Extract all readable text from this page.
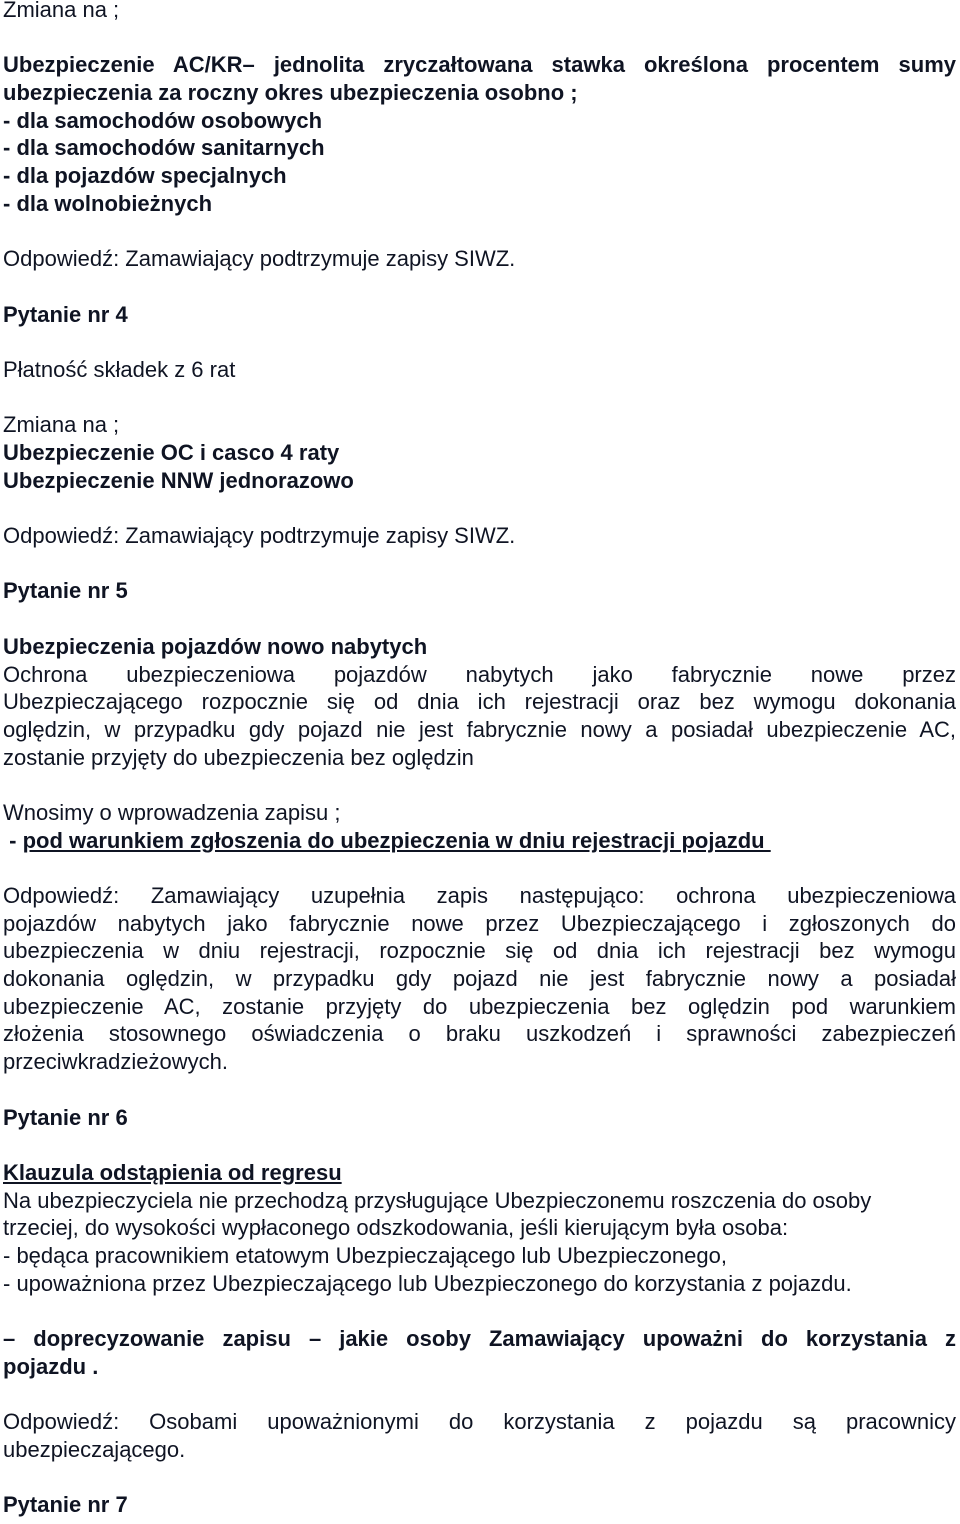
Zmiana na ;
Ubezpieczenie AC/KR– jednolita zryczałtowana stawka określona procentem sumy
ubezpieczenia za roczny okres ubezpieczenia osobno ;
- dla samochodów osobowych
- dla samochodów sanitarnych
- dla pojazdów specjalnych
- dla wolnobieżnych
Odpowiedź: Zamawiający podtrzymuje zapisy SIWZ.
Pytanie nr 4
Płatność składek z 6 rat
Zmiana na ;
Ubezpieczenie OC i casco 4 raty
Ubezpieczenie NNW jednorazowo
Odpowiedź: Zamawiający podtrzymuje zapisy SIWZ.
Pytanie nr 5
Ubezpieczenia pojazdów nowo nabytych
Ochrona ubezpieczeniowa pojazdów nabytych jako fabrycznie nowe przez
Ubezpieczającego rozpocznie się od dnia ich rejestracji oraz bez wymogu dokonania
oględzin, w przypadku gdy pojazd nie jest fabrycznie nowy a posiadał ubezpieczenie AC,
zostanie przyjęty do ubezpieczenia bez oględzin
Wnosimy o wprowadzenia zapisu ;
- pod warunkiem zgłoszenia do ubezpieczenia w dniu rejestracji pojazdu
Odpowiedź: Zamawiający uzupełnia zapis następująco: ochrona ubezpieczeniowa
pojazdów nabytych jako fabrycznie nowe przez Ubezpieczającego i zgłoszonych do
ubezpieczenia w dniu rejestracji, rozpocznie się od dnia ich rejestracji bez wymogu
dokonania oględzin, w przypadku gdy pojazd nie jest fabrycznie nowy a posiadał
ubezpieczenie AC, zostanie przyjęty do ubezpieczenia bez oględzin pod warunkiem
złożenia stosownego oświadczenia o braku uszkodzeń i sprawności zabezpieczeń
przeciwkradzieżowych.
Pytanie nr 6
Klauzula odstąpienia od regresu
Na ubezpieczyciela nie przechodzą przysługujące Ubezpieczonemu roszczenia do osoby
trzeciej, do wysokości wypłaconego odszkodowania, jeśli kierującym była osoba:
- będąca pracownikiem etatowym Ubezpieczającego lub Ubezpieczonego,
- upoważniona przez Ubezpieczającego lub Ubezpieczonego do korzystania z pojazdu.
– doprecyzowanie zapisu – jakie osoby Zamawiający upoważni do korzystania z
pojazdu .
Odpowiedź: Osobami upoważnionymi do korzystania z pojazdu są pracownicy
ubezpieczającego.
Pytanie nr 7
